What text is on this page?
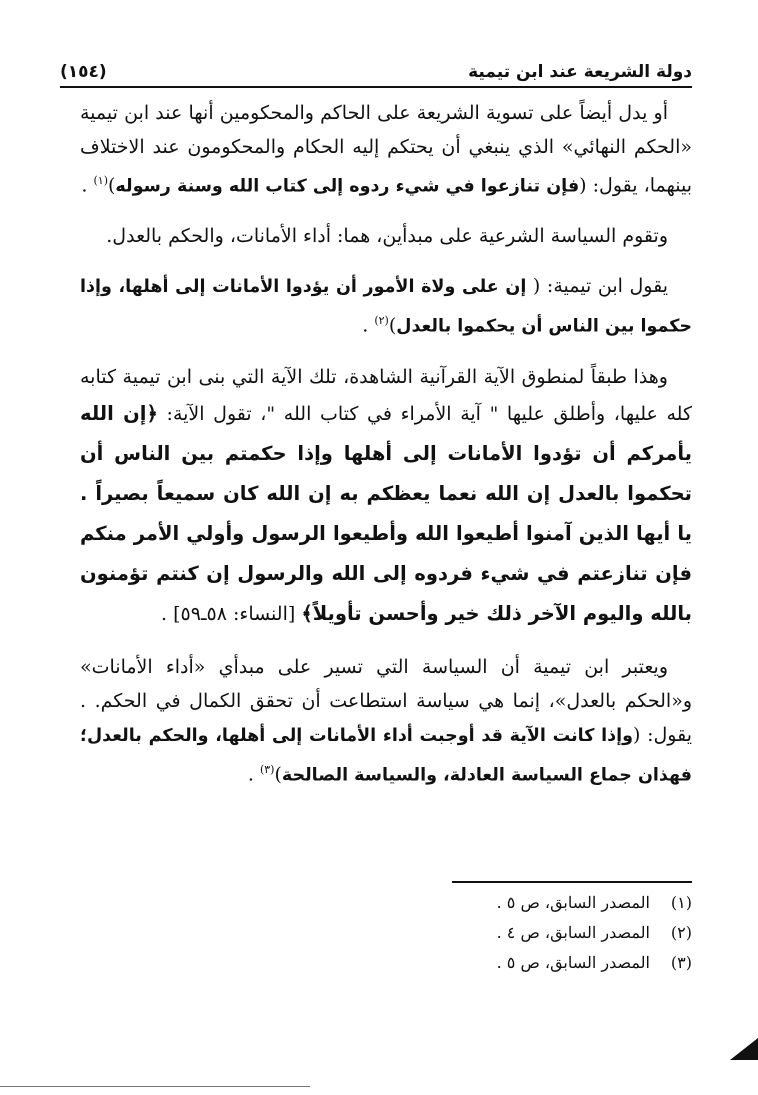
دولة الشريعة عند ابن تيمية
(١٥٤)

أو يدل أيضاً على تسوية الشريعة على الحاكم والمحكومين أنها عند ابن تيمية «الحكم النهائي» الذي ينبغي أن يحتكم إليه الحكام والمحكومون عند الاختلاف بينهما، يقول: (فإن تنازعوا في شيء ردوه إلى كتاب الله وسنة رسوله)$^{(١)}$ .

وتقوم السياسة الشرعية على مبدأين، هما: أداء الأمانات، والحكم بالعدل.

يقول ابن تيمية: ( إن على ولاة الأمور أن يؤدوا الأمانات إلى أهلها، وإذا حكموا بين الناس أن يحكموا بالعدل)$^{(٢)}$ .

وهذا طبقاً لمنطوق الآية القرآنية الشاهدة، تلك الآية التي بنى ابن تيمية كتابه كله عليها، وأطلق عليها " آية الأمراء في كتاب الله "، تقول الآية: ﴿إن الله يأمركم أن تؤدوا الأمانات إلى أهلها وإذا حكمتم بين الناس أن تحكموا بالعدل إن الله نعما يعظكم به إن الله كان سميعاً بصيراً . يا أيها الذين آمنوا أطيعوا الله وأطيعوا الرسول وأولي الأمر منكم فإن تنازعتم في شيء فردوه إلى الله والرسول إن كنتم تؤمنون بالله واليوم الآخر ذلك خير وأحسن تأويلاً﴾ [النساء: ٥٨ـ٥٩] .

ويعتبر ابن تيمية أن السياسة التي تسير على مبدأي «أداء الأمانات» و«الحكم بالعدل»، إنما هي سياسة استطاعت أن تحقق الكمال في الحكم. . يقول: (وإذا كانت الآية قد أوجبت أداء الأمانات إلى أهلها، والحكم بالعدل؛ فهذان جماع السياسة العادلة، والسياسة الصالحة)$^{(٣)}$ .

(١)
المصدر السابق، ص ٥ .
(٢)
المصدر السابق، ص ٤ .
(٣)
المصدر السابق، ص ٥ .
